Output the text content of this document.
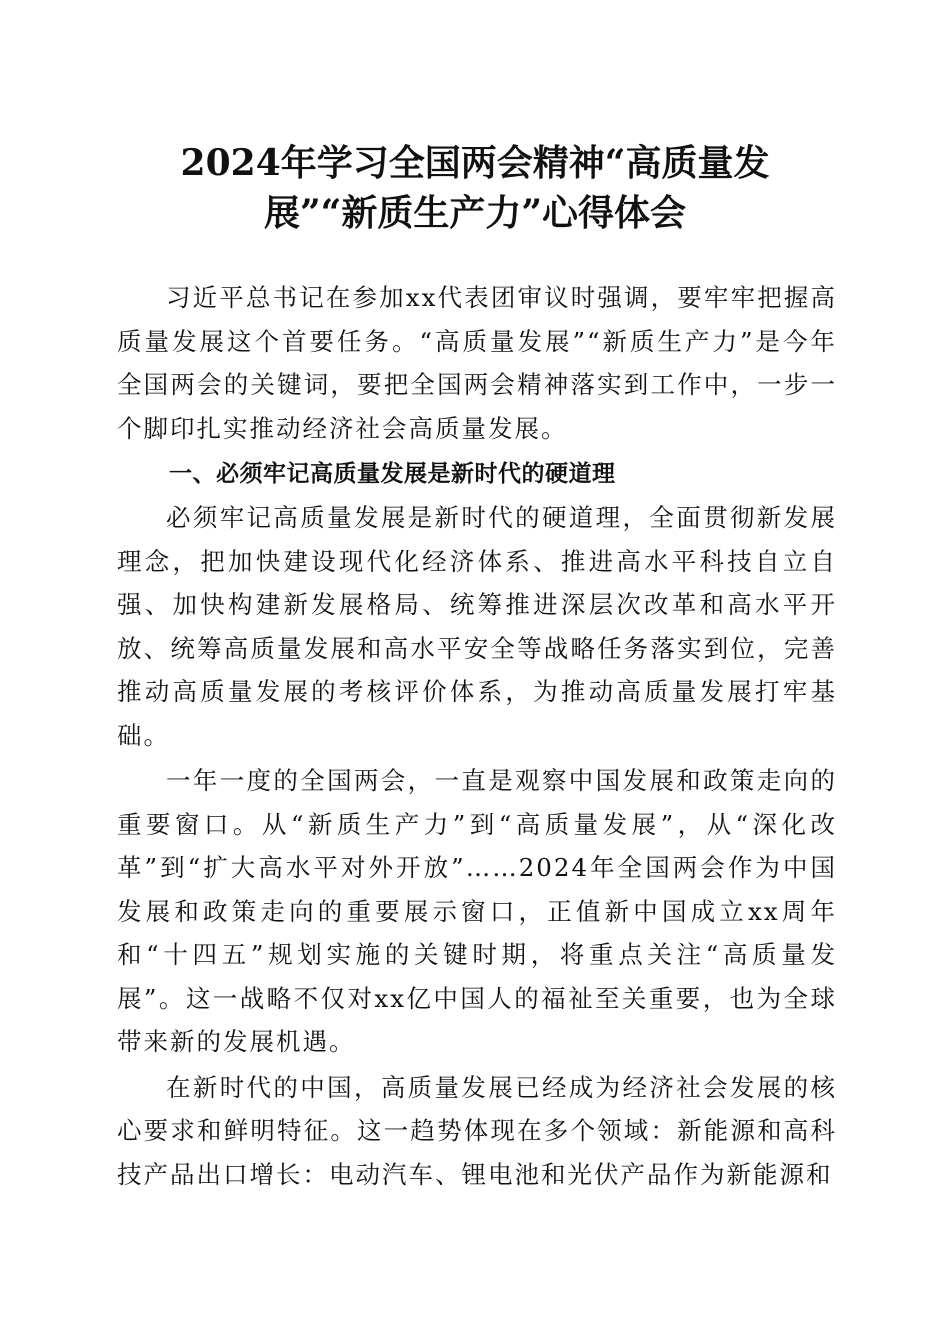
2024年学习全国两会精神“高质量发
展”“新质生产力”心得体会

习近平总书记在参加xx代表团审议时强调，要牢牢把握高质量发展这个首要任务。“高质量发展”“新质生产力”是今年全国两会的关键词，要把全国两会精神落实到工作中，一步一个脚印扎实推动经济社会高质量发展。

一、必须牢记高质量发展是新时代的硬道理

必须牢记高质量发展是新时代的硬道理，全面贯彻新发展理念，把加快建设现代化经济体系、推进高水平科技自立自强、加快构建新发展格局、统筹推进深层次改革和高水平开放、统筹高质量发展和高水平安全等战略任务落实到位，完善推动高质量发展的考核评价体系，为推动高质量发展打牢基础。

一年一度的全国两会，一直是观察中国发展和政策走向的重要窗口。从“新质生产力”到“高质量发展”，从“深化改革”到“扩大高水平对外开放”……2024年全国两会作为中国发展和政策走向的重要展示窗口，正值新中国成立xx周年和“十四五”规划实施的关键时期，将重点关注“高质量发展”。这一战略不仅对xx亿中国人的福祉至关重要，也为全球带来新的发展机遇。

在新时代的中国，高质量发展已经成为经济社会发展的核心要求和鲜明特征。这一趋势体现在多个领域：新能源和高科技产品出口增长：电动汽车、锂电池和光伏产品作为新能源和
